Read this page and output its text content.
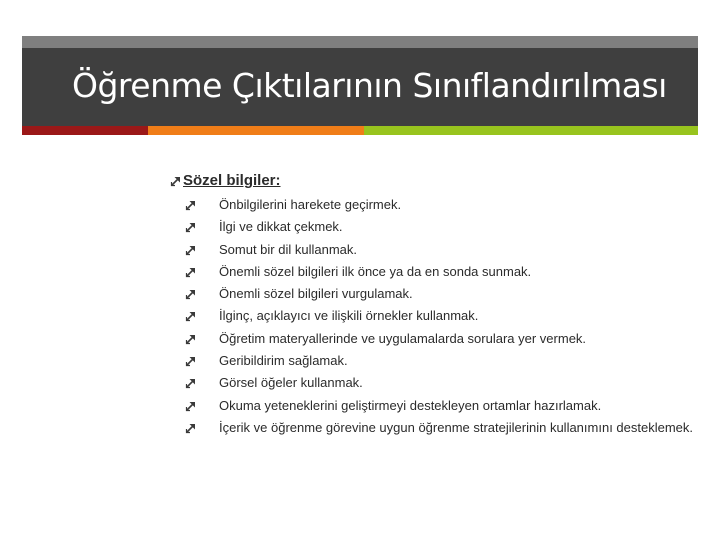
Öğrenme Çıktılarının Sınıflandırılması
Sözel bilgiler:
Önbilgilerini harekete geçirmek.
İlgi ve dikkat çekmek.
Somut bir dil kullanmak.
Önemli sözel bilgileri ilk önce ya da en sonda sunmak.
Önemli sözel bilgileri vurgulamak.
İlginç, açıklayıcı ve ilişkili örnekler kullanmak.
Öğretim materyallerinde ve uygulamalarda sorulara yer vermek.
Geribildirim sağlamak.
Görsel öğeler kullanmak.
Okuma yeteneklerini geliştirmeyi destekleyen ortamlar hazırlamak.
İçerik ve öğrenme görevine uygun öğrenme stratejilerinin kullanımını desteklemek.
